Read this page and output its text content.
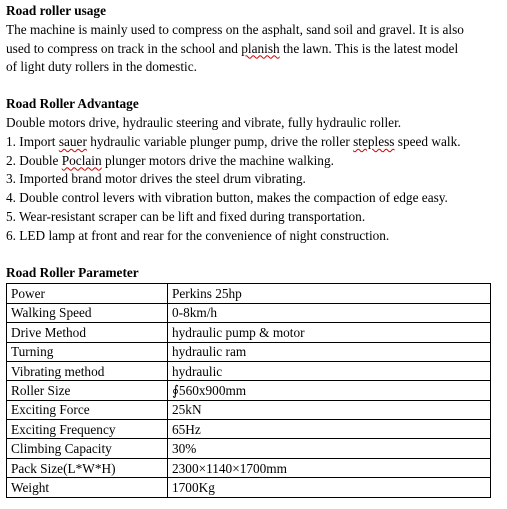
Road roller usage

The machine is mainly used to compress on the asphalt, sand soil and gravel. It is also

used to compress on track in the school and planish the lawn. This is the latest model

of light duty rollers in the domestic.

Road Roller Advantage

Double motors drive, hydraulic steering and vibrate, fully hydraulic roller.

1. Import sauer hydraulic variable plunger pump, drive the roller stepless speed walk.

2. Double Poclain plunger motors drive the machine walking.

3. Imported brand motor drives the steel drum vibrating.

4. Double control levers with vibration button, makes the compaction of edge easy.

5. Wear-resistant scraper can be lift and fixed during transportation.

6. LED lamp at front and rear for the convenience of night construction.

Road Roller Parameter
Power	Perkins 25hp
Walking Speed	0-8km/h
Drive Method	hydraulic pump & motor
Turning	hydraulic ram
Vibrating method	hydraulic
Roller Size	∮560x900mm
Exciting Force	25kN
Exciting Frequency	65Hz
Climbing Capacity	30%
Pack Size(L*W*H)	2300×1140×1700mm
Weight	1700Kg
